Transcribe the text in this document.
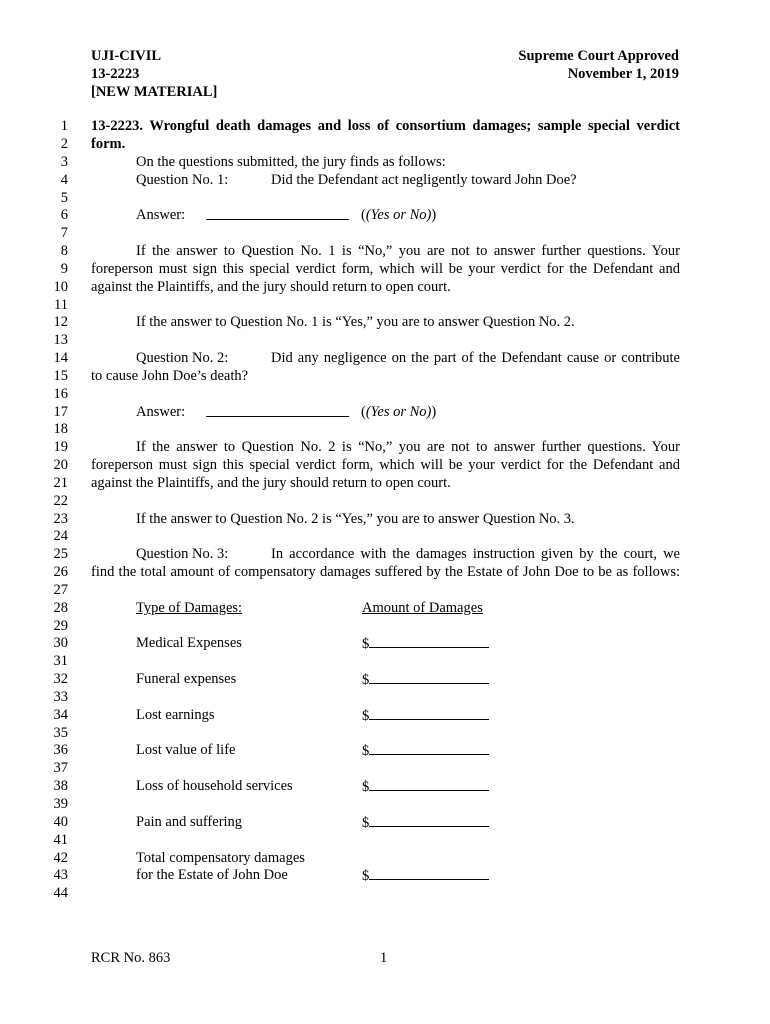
UJI-CIVIL
13-2223
[NEW MATERIAL]
Supreme Court Approved
November 1, 2019
1
2
3
4
5
6
7
8
9
10
11
12
13
14
15
16
17
18
19
20
21
22
23
24
25
26
27
28
29
30
31
32
33
34
35
36
37
38
39
40
41
42
43
44
13-2223. Wrongful death damages and loss of consortium damages; sample special verdict
form.
On the questions submitted, the jury finds as follows:
Question No. 1:	Did the Defendant act negligently toward John Doe?
Answer:	((Yes or No))
If the answer to Question No. 1 is “No,” you are not to answer further questions. Your
foreperson must sign this special verdict form, which will be your verdict for the Defendant and
against the Plaintiffs, and the jury should return to open court.
If the answer to Question No. 1 is “Yes,” you are to answer Question No. 2.
Question No. 2:	Did any negligence on the part of the Defendant cause or contribute
to cause John Doe’s death?
Answer:	((Yes or No))
If the answer to Question No. 2 is “No,” you are not to answer further questions. Your
foreperson must sign this special verdict form, which will be your verdict for the Defendant and
against the Plaintiffs, and the jury should return to open court.
If the answer to Question No. 2 is “Yes,” you are to answer Question No. 3.
Question No. 3:	In accordance with the damages instruction given by the court, we
find the total amount of compensatory damages suffered by the Estate of John Doe to be as follows:
Type of Damages:	Amount of Damages
Medical Expenses	$
Funeral expenses	$
Lost earnings	$
Lost value of life	$
Loss of household services	$
Pain and suffering	$
Total compensatory damages
for the Estate of John Doe	$
RCR No. 863	1
